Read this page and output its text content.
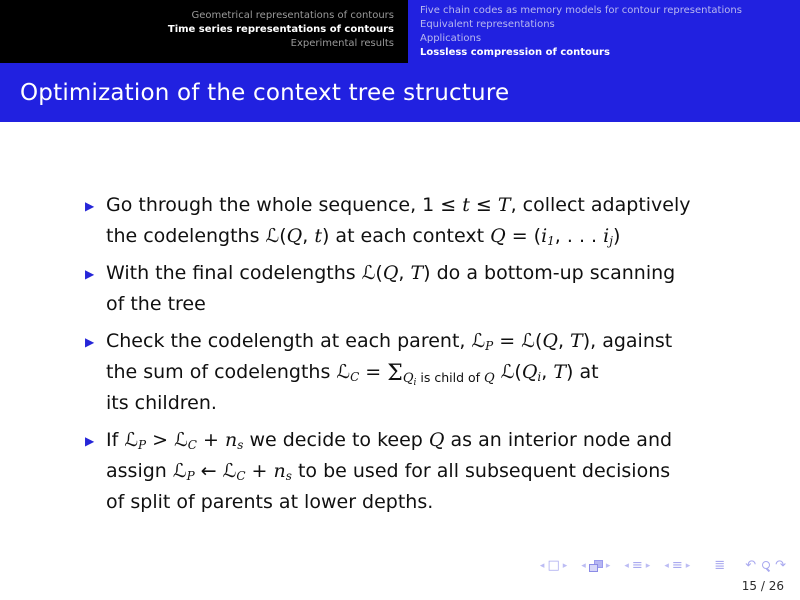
Geometrical representations of contours
Time series representations of contours
Experimental results
Five chain codes as memory models for contour representations
Equivalent representations
Applications
Lossless compression of contours
Optimization of the context tree structure
▶ Go through the whole sequence, 1 ≤ t ≤ T, collect adaptively
the codelengths ℒ(Q, t) at each context Q = (i1, . . . ij)
▶ With the final codelengths ℒ(Q, T) do a bottom-up scanning
of the tree
▶ Check the codelength at each parent, ℒP = ℒ(Q, T), against
the sum of codelengths ℒC = $\Sigma_{Qi}$ $_{is child of}$ $_Q$ ℒ(Qi, T) at
its children.
▶ If ℒP > ℒC + ns we decide to keep Q as an interior node and
assign ℒP ← ℒC + ns to be used for all subsequent decisions
of split of parents at lower depths.
◂ □ ▸ ◂ ▸ ◂ ≡ ▸ ◂ ≡ ▸ ≣ ↶ ↷
15 / 26
